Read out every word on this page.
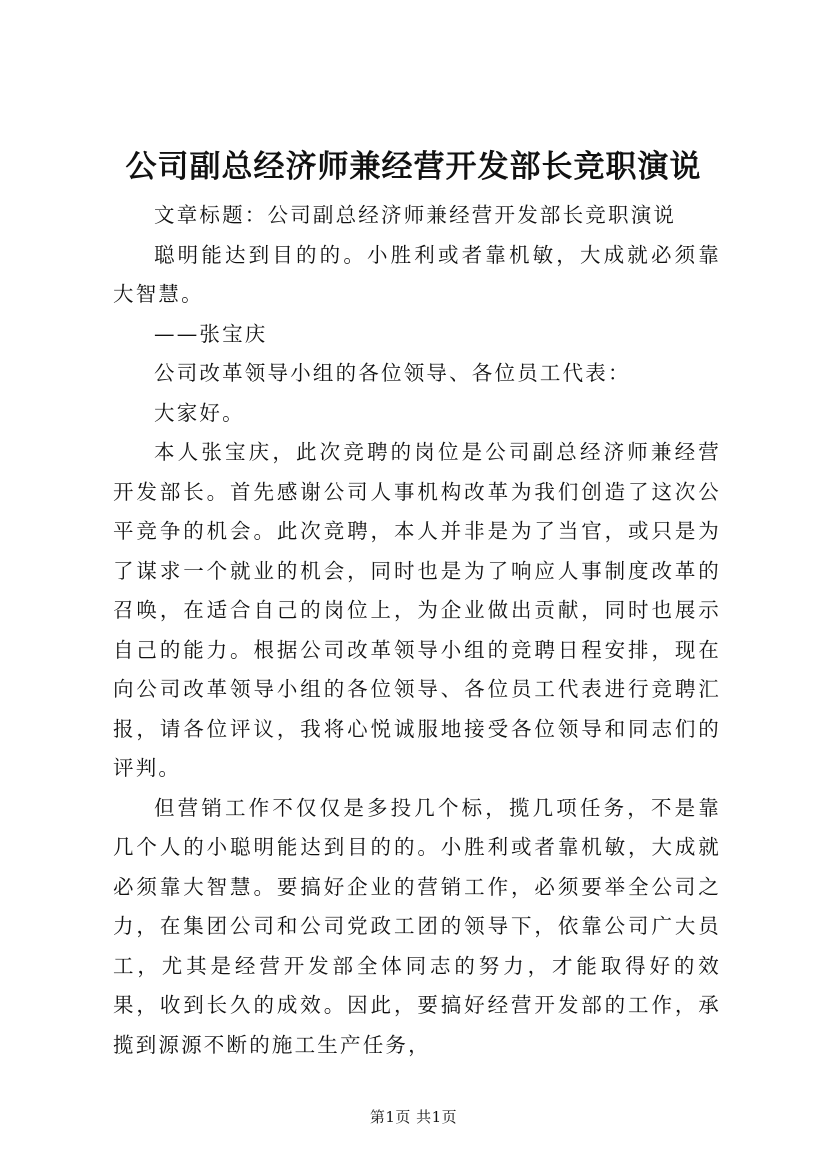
公司副总经济师兼经营开发部长竞职演说

文章标题：公司副总经济师兼经营开发部长竞职演说

聪明能达到目的的。小胜利或者靠机敏，大成就必须靠大智慧。

——张宝庆

公司改革领导小组的各位领导、各位员工代表：

大家好。

本人张宝庆，此次竞聘的岗位是公司副总经济师兼经营开发部长。首先感谢公司人事机构改革为我们创造了这次公平竞争的机会。此次竞聘，本人并非是为了当官，或只是为了谋求一个就业的机会，同时也是为了响应人事制度改革的召唤，在适合自己的岗位上，为企业做出贡献，同时也展示自己的能力。根据公司改革领导小组的竞聘日程安排，现在向公司改革领导小组的各位领导、各位员工代表进行竞聘汇报，请各位评议，我将心悦诚服地接受各位领导和同志们的评判。

但营销工作不仅仅是多投几个标，揽几项任务，不是靠几个人的小聪明能达到目的的。小胜利或者靠机敏，大成就必须靠大智慧。要搞好企业的营销工作，必须要举全公司之力，在集团公司和公司党政工团的领导下，依靠公司广大员工，尤其是经营开发部全体同志的努力，才能取得好的效果，收到长久的成效。因此，要搞好经营开发部的工作，承揽到源源不断的施工生产任务，

第1页 共1页
